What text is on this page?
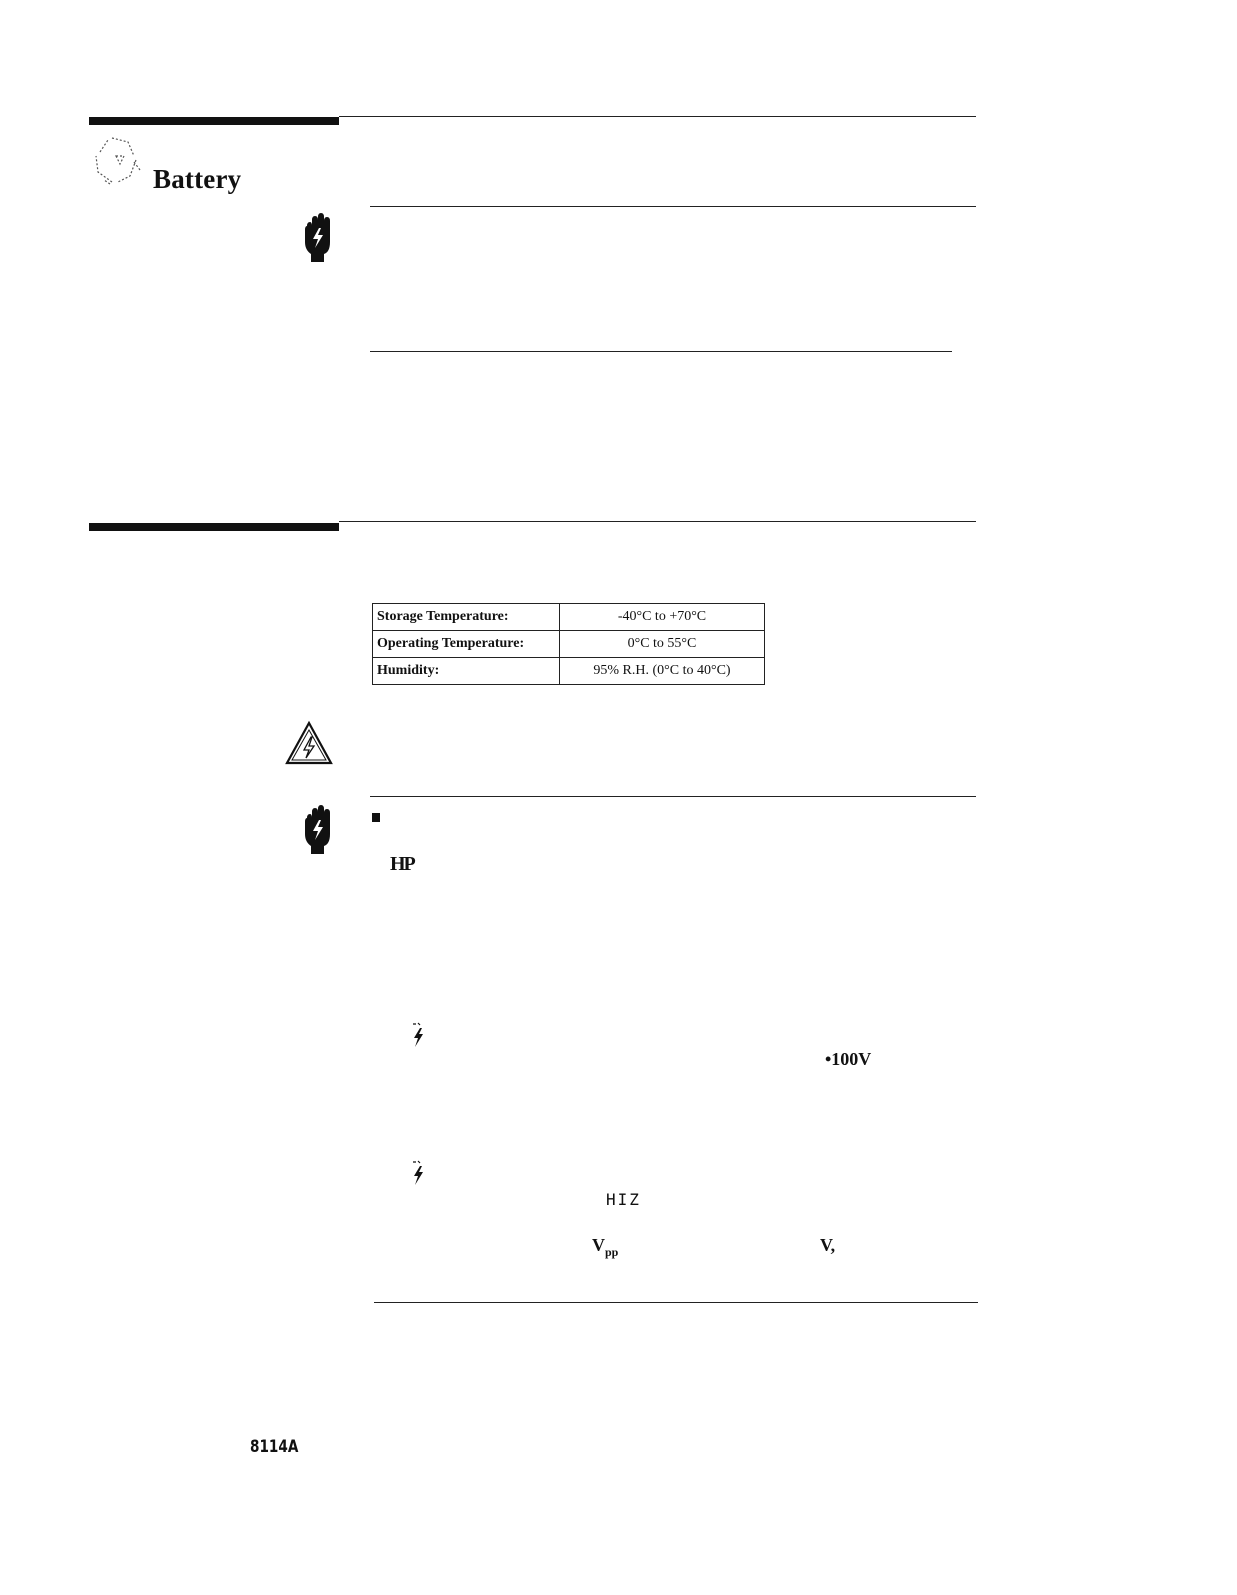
Battery
Storage Temperature:	-40°C to +70°C
Operating Temperature:	0°C to 55°C
Humidity:	95% R.H. (0°C to 40°C)
HP
•100V
HIZ
$V_{pp}$	V,
8114A
